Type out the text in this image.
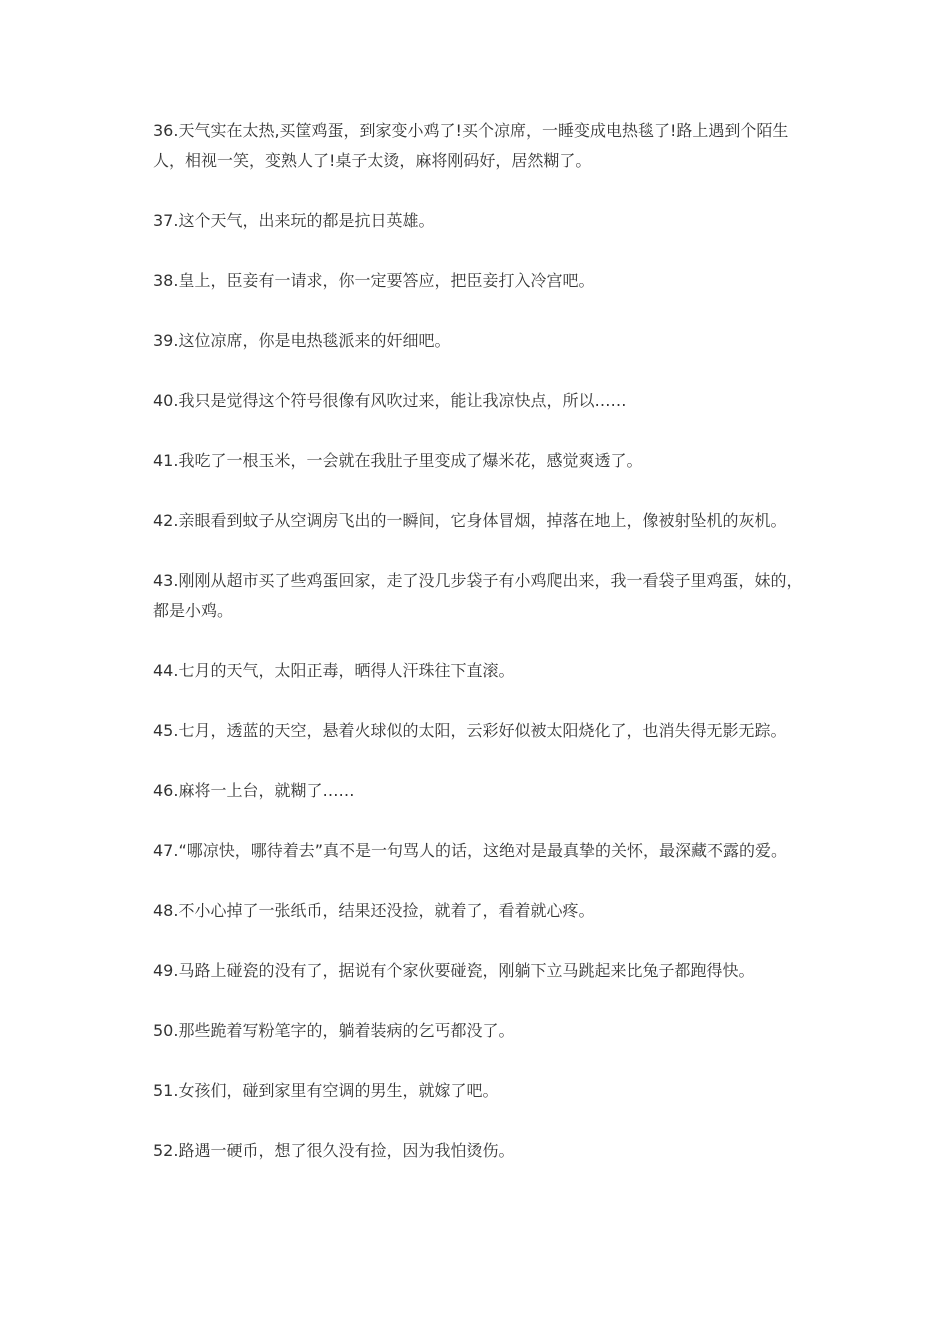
36.天气实在太热,买筐鸡蛋，到家变小鸡了!买个凉席，一睡变成电热毯了!路上遇到个陌生人，相视一笑，变熟人了!桌子太烫，麻将刚码好，居然糊了。

37.这个天气，出来玩的都是抗日英雄。

38.皇上，臣妾有一请求，你一定要答应，把臣妾打入冷宫吧。

39.这位凉席，你是电热毯派来的奸细吧。

40.我只是觉得这个符号很像有风吹过来，能让我凉快点，所以……

41.我吃了一根玉米，一会就在我肚子里变成了爆米花，感觉爽透了。

42.亲眼看到蚊子从空调房飞出的一瞬间，它身体冒烟，掉落在地上，像被射坠机的灰机。

43.刚刚从超市买了些鸡蛋回家，走了没几步袋子有小鸡爬出来，我一看袋子里鸡蛋，妹的，都是小鸡。

44.七月的天气，太阳正毒，晒得人汗珠往下直滚。

45.七月，透蓝的天空，悬着火球似的太阳，云彩好似被太阳烧化了，也消失得无影无踪。

46.麻将一上台，就糊了……

47.“哪凉快，哪待着去”真不是一句骂人的话，这绝对是最真挚的关怀，最深藏不露的爱。

48.不小心掉了一张纸币，结果还没捡，就着了，看着就心疼。

49.马路上碰瓷的没有了，据说有个家伙要碰瓷，刚躺下立马跳起来比兔子都跑得快。

50.那些跪着写粉笔字的，躺着装病的乞丐都没了。

51.女孩们，碰到家里有空调的男生，就嫁了吧。

52.路遇一硬币，想了很久没有捡，因为我怕烫伤。
